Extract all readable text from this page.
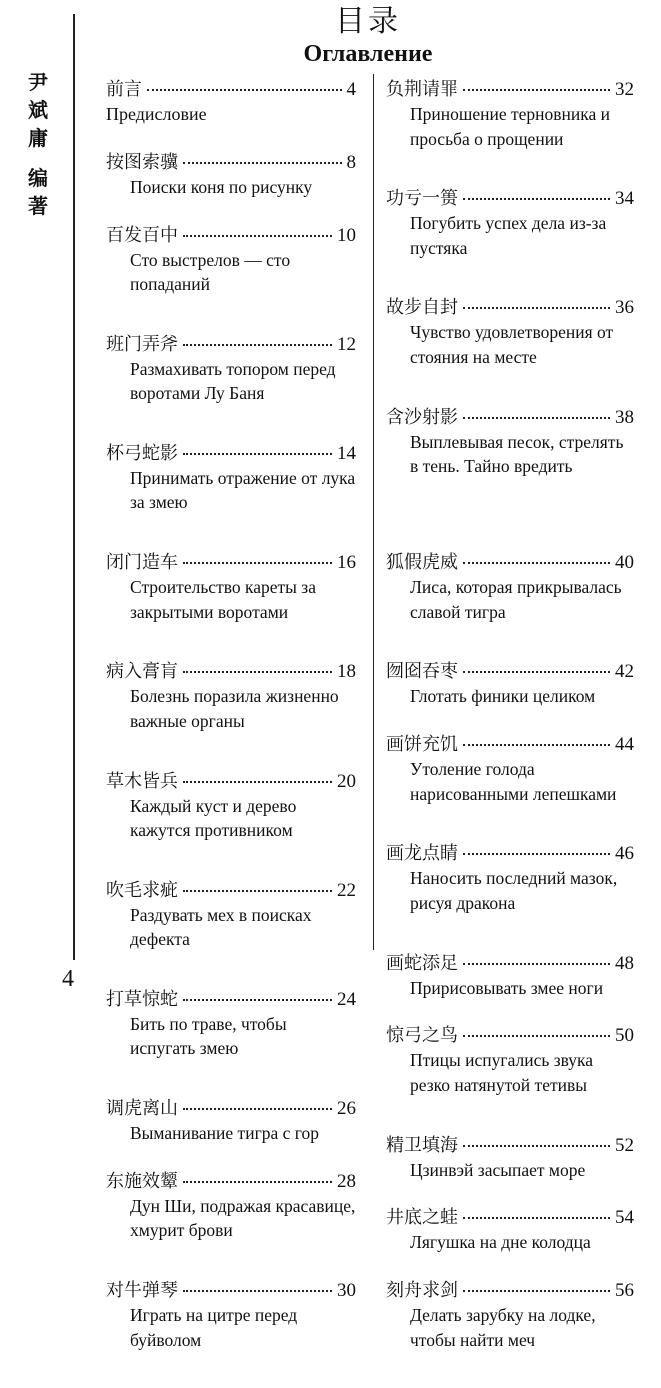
尹斌庸
编著
目录
Оглавление
前言	4
Предисловие
按图索骥	8
Поиски коня по рисунку
百发百中	10
Сто выстрелов — сто попаданий
班门弄斧	12
Размахивать топором перед воротами Лу Баня
杯弓蛇影	14
Принимать отражение от лука за змею
闭门造车	16
Строительство кареты за закрытыми воротами
病入膏肓	18
Болезнь поразила жизненно важные органы
草木皆兵	20
Каждый куст и дерево кажутся противником
吹毛求疵	22
Раздувать мех в поисках дефекта
打草惊蛇	24
Бить по траве, чтобы испугать змею
调虎离山	26
Выманивание тигра с гор
东施效颦	28
Дун Ши, подражая красавице, хмурит брови
对牛弹琴	30
Играть на цитре перед буйволом
负荆请罪	32
Приношение терновника и просьба о прощении
功亏一篑	34
Погубить успех дела из-за пустяка
故步自封	36
Чувство удовлетворения от стояния на месте
含沙射影	38
Выплевывая песок, стрелять в тень. Тайно вредить
狐假虎威	40
Лиса, которая прикрывалась славой тигра
囫囵吞枣	42
Глотать финики целиком
画饼充饥	44
Утоление голода нарисованными лепешками
画龙点睛	46
Наносить последний мазок, рисуя дракона
画蛇添足	48
Пририсовывать змее ноги
惊弓之鸟	50
Птицы испугались звука резко натянутой тетивы
精卫填海	52
Цзинвэй засыпает море
井底之蛙	54
Лягушка на дне колодца
刻舟求剑	56
Делать зарубку на лодке, чтобы найти меч
4
